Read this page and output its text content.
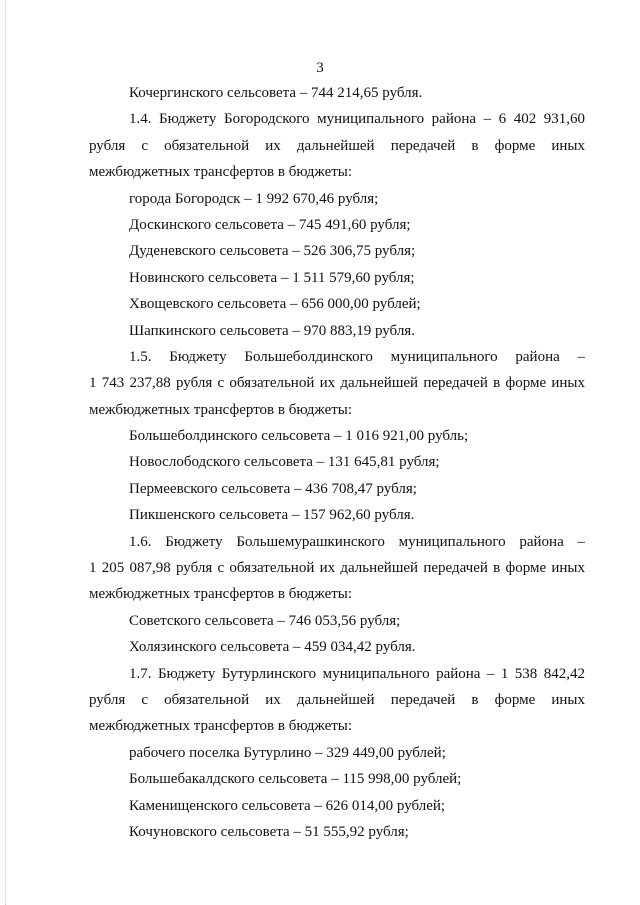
3
Кочергинского сельсовета – 744 214,65 рубля.
1.4. Бюджету Богородского муниципального района – 6 402 931,60
рубля с обязательной их дальнейшей передачей в форме иных
межбюджетных трансфертов в бюджеты:
города Богородск – 1 992 670,46 рубля;
Доскинского сельсовета – 745 491,60 рубля;
Дуденевского сельсовета – 526 306,75 рубля;
Новинского сельсовета – 1 511 579,60 рубля;
Хвощевского сельсовета – 656 000,00 рублей;
Шапкинского сельсовета – 970 883,19 рубля.
1.5. Бюджету Большеболдинского муниципального района –
1 743 237,88 рубля с обязательной их дальнейшей передачей в форме иных
межбюджетных трансфертов в бюджеты:
Большеболдинского сельсовета – 1 016 921,00 рубль;
Новослободского сельсовета – 131 645,81 рубля;
Пермеевского сельсовета – 436 708,47 рубля;
Пикшенского сельсовета – 157 962,60 рубля.
1.6. Бюджету Большемурашкинского муниципального района –
1 205 087,98 рубля с обязательной их дальнейшей передачей в форме иных
межбюджетных трансфертов в бюджеты:
Советского сельсовета – 746 053,56 рубля;
Холязинского сельсовета – 459 034,42 рубля.
1.7. Бюджету Бутурлинского муниципального района – 1 538 842,42
рубля с обязательной их дальнейшей передачей в форме иных
межбюджетных трансфертов в бюджеты:
рабочего поселка Бутурлино – 329 449,00 рублей;
Большебакалдского сельсовета – 115 998,00 рублей;
Каменищенского сельсовета – 626 014,00 рублей;
Кочуновского сельсовета – 51 555,92 рубля;
